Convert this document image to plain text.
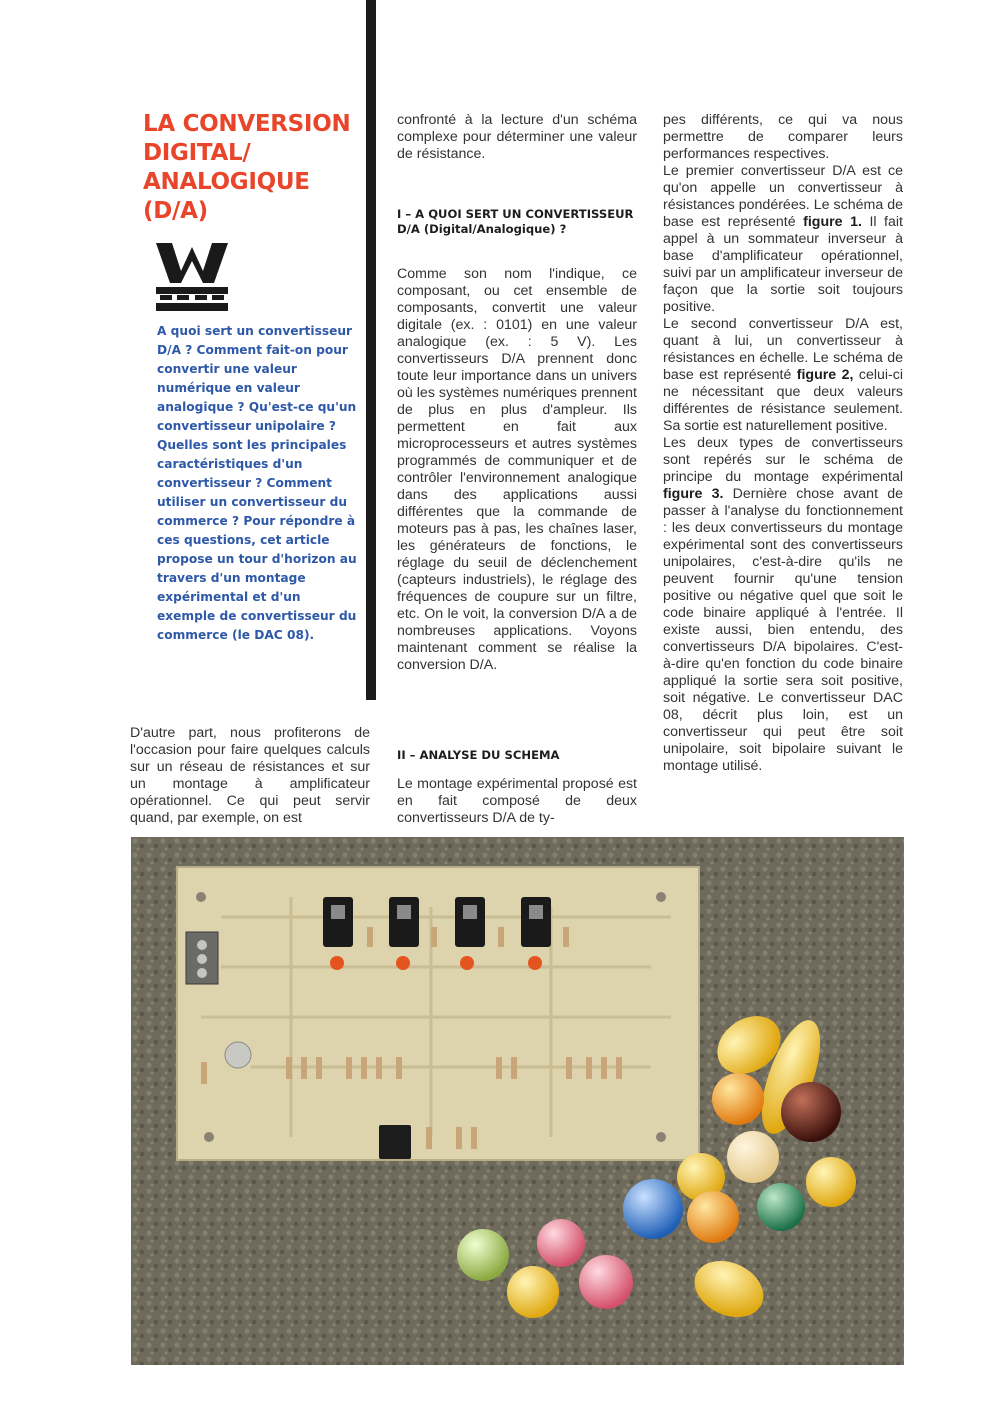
LA CONVERSION
DIGITAL/
ANALOGIQUE
(D/A)

A quoi sert un convertisseur D/A ? Comment fait-on pour convertir une valeur numérique en valeur analogique ? Qu'est-ce qu'un convertisseur unipolaire ? Quelles sont les principales caractéristiques d'un convertisseur ? Comment utiliser un convertisseur du commerce ? Pour répondre à ces questions, cet article propose un tour d'horizon au travers d'un montage expérimental et d'un exemple de convertisseur du commerce (le DAC 08).

D'autre part, nous profiterons de l'occasion pour faire quelques calculs sur un réseau de résistances et sur un montage à amplificateur opérationnel. Ce qui peut servir quand, par exemple, on est

confronté à la lecture d'un schéma complexe pour déterminer une valeur de résistance.

I – A QUOI SERT UN CONVERTISSEUR D/A (Digital/Analogique) ?

Comme son nom l'indique, ce composant, ou cet ensemble de composants, convertit une valeur digitale (ex. : 0101) en une valeur analogique (ex. : 5 V). Les convertisseurs D/A prennent donc toute leur importance dans un univers où les systèmes numériques prennent de plus en plus d'ampleur. Ils permettent en fait aux microprocesseurs et autres systèmes programmés de communiquer et de contrôler l'environnement analogique dans des applications aussi différentes que la commande de moteurs pas à pas, les chaînes laser, les générateurs de fonctions, le réglage du seuil de déclenchement (capteurs industriels), le réglage des fréquences de coupure sur un filtre, etc. On le voit, la conversion D/A a de nombreuses applications. Voyons maintenant comment se réalise la conversion D/A.

II – ANALYSE DU SCHEMA

Le montage expérimental proposé est en fait composé de deux convertisseurs D/A de ty-

pes différents, ce qui va nous permettre de comparer leurs performances respectives.

Le premier convertisseur D/A est ce qu'on appelle un convertisseur à résistances pondérées. Le schéma de base est représenté figure 1. Il fait appel à un sommateur inverseur à base d'amplificateur opérationnel, suivi par un amplificateur inverseur de façon que la sortie soit toujours positive.

Le second convertisseur D/A est, quant à lui, un convertisseur à résistances en échelle. Le schéma de base est représenté figure 2, celui-ci ne nécessitant que deux valeurs différentes de résistance seulement. Sa sortie est naturellement positive.

Les deux types de convertisseurs sont repérés sur le schéma de principe du montage expérimental figure 3. Dernière chose avant de passer à l'analyse du fonctionnement : les deux convertisseurs du montage expérimental sont des convertisseurs unipolaires, c'est-à-dire qu'ils ne peuvent fournir qu'une tension positive ou négative quel que soit le code binaire appliqué à l'entrée. Il existe aussi, bien entendu, des convertisseurs D/A bipolaires. C'est-à-dire qu'en fonction du code binaire appliqué la sortie sera soit positive, soit négative. Le convertisseur DAC 08, décrit plus loin, est un convertisseur qui peut être soit unipolaire, soit bipolaire suivant le montage utilisé.
